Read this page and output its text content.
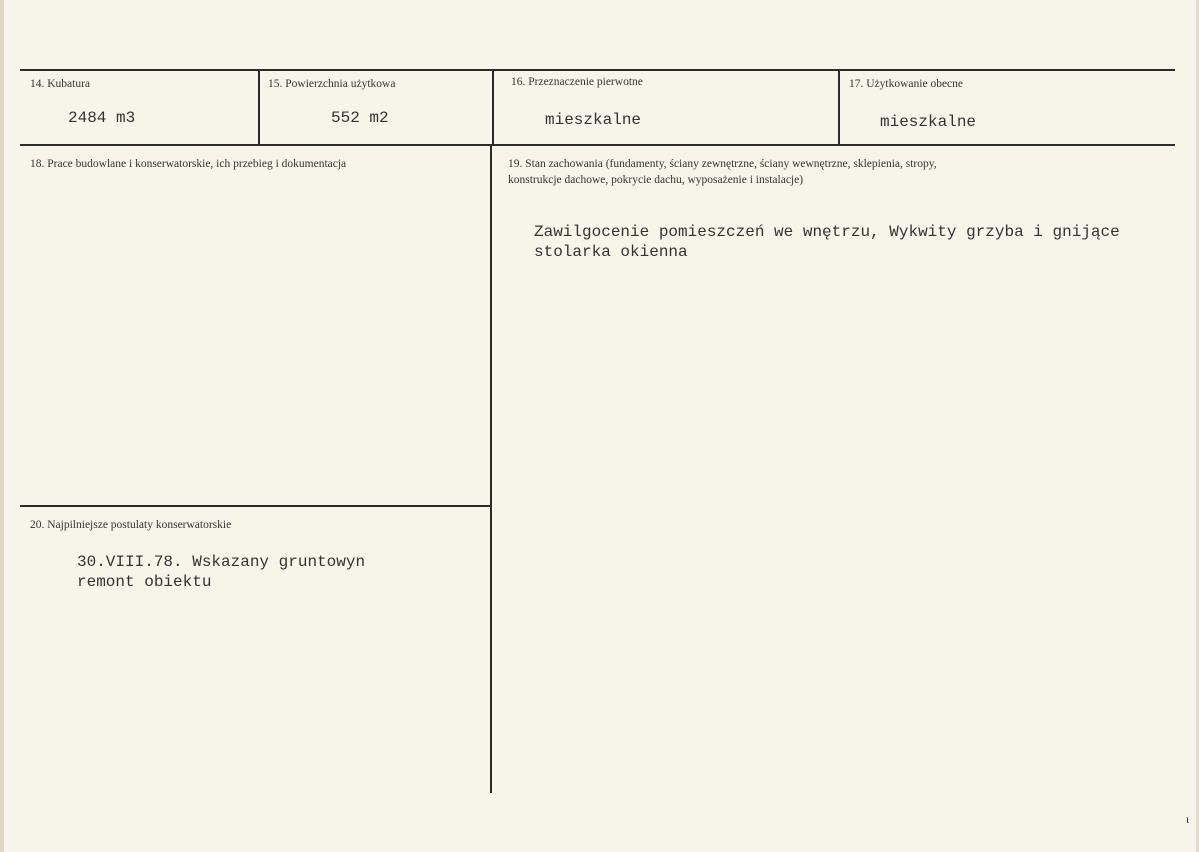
14. Kubatura
2484 m3
15. Powierzchnia użytkowa
552 m2
16. Przeznaczenie pierwotne
mieszkalne
17. Użytkowanie obecne
mieszkalne
18. Prace budowlane i konserwatorskie, ich przebieg i dokumentacja	19. Stan zachowania (fundamenty, ściany zewnętrzne, ściany wewnętrzne, sklepienia, stropy,
konstrukcje dachowe, pokrycie dachu, wyposażenie i instalacje)
Zawilgocenie pomieszczeń we wnętrzu, Wykwity grzyba i gnijące
stolarka okienna
20. Najpilniejsze postulaty konserwatorskie
30.VIII.78. Wskazany gruntowyn
remont obiektu
ι
